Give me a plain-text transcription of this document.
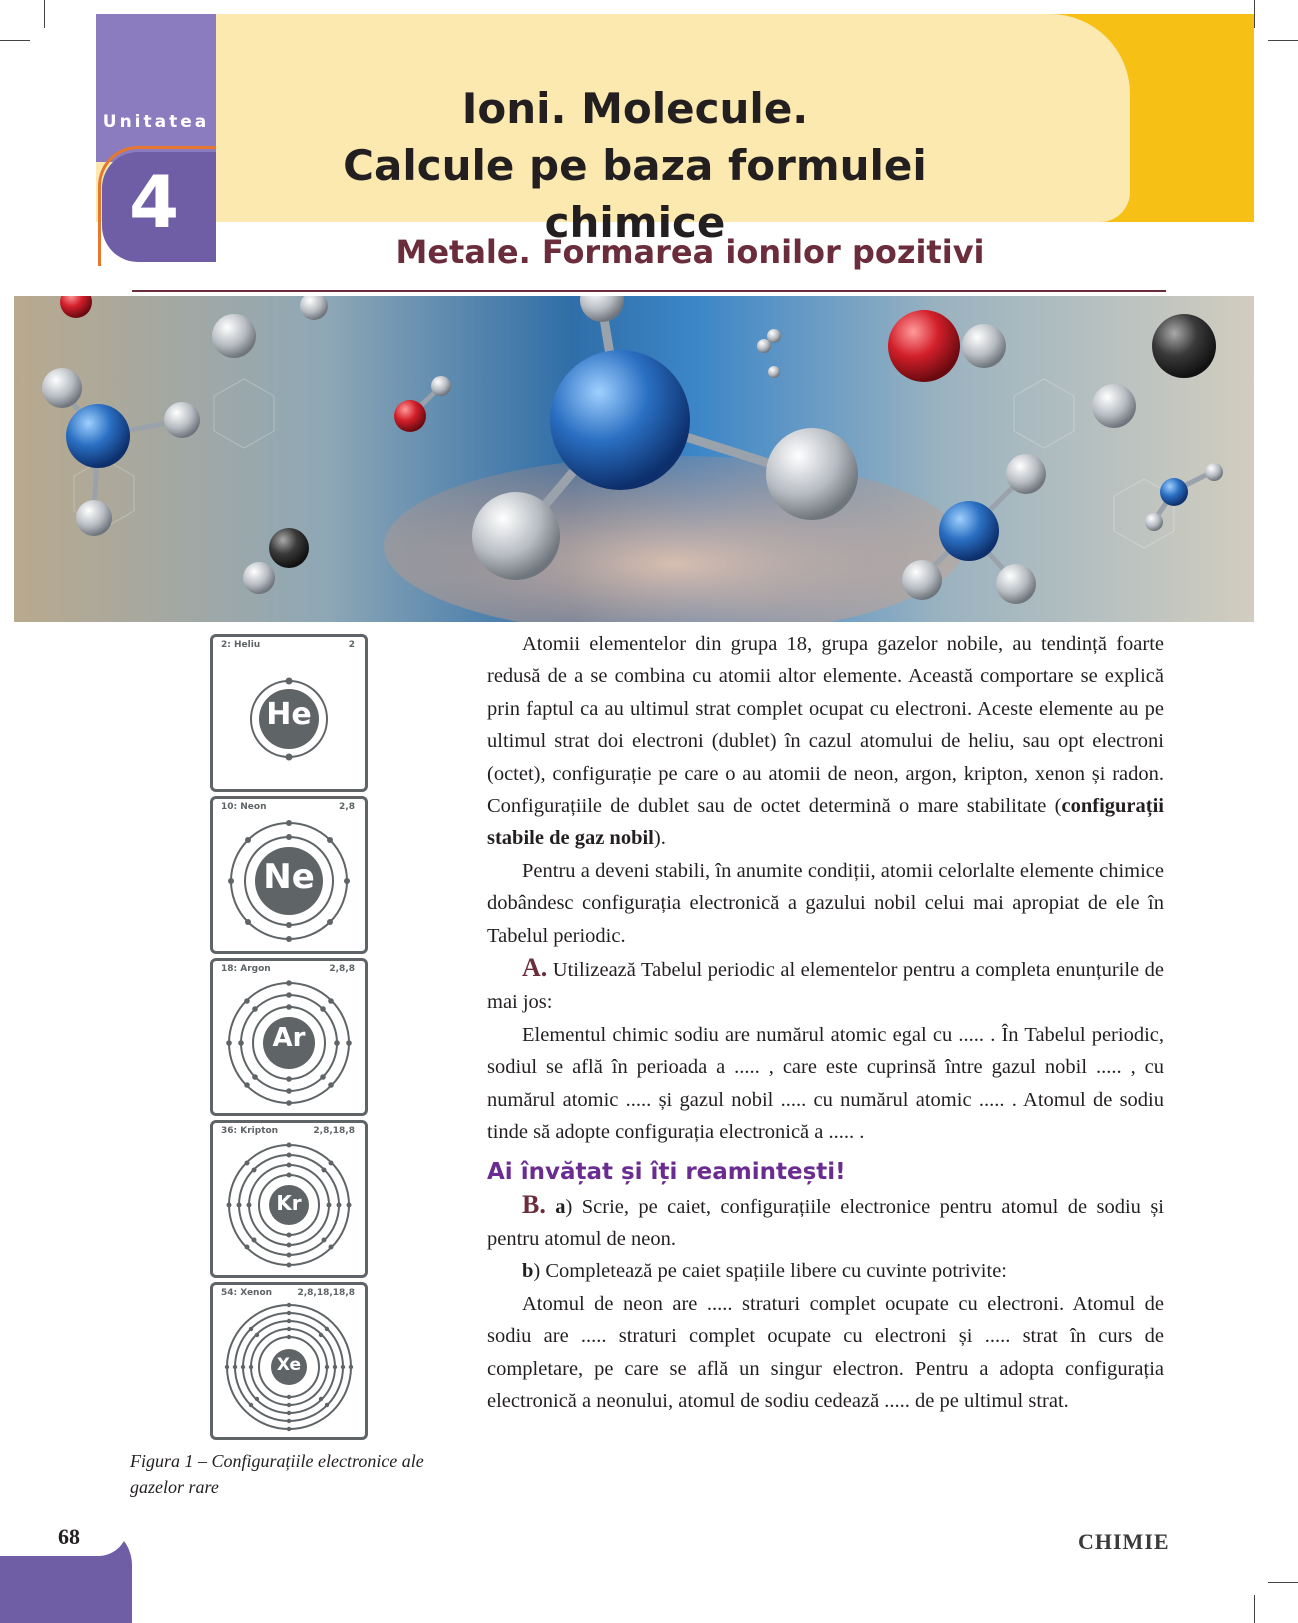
Unitatea
4
Ioni. Molecule.
Calcule pe baza formulei chimice
Metale. Formarea ionilor pozitivi
2: Heliu	2
He
10: Neon	2,8
Ne
18: Argon	2,8,8
Ar
36: Kripton	2,8,18,8
Kr
54: Xenon	2,8,18,18,8
Xe
Figura 1 – Configurațiile electronice ale gazelor rare

Atomii elementelor din grupa 18, grupa gazelor nobile, au tendință foarte redusă de a se combina cu atomii altor elemente. Această comportare se explică prin faptul ca au ultimul strat complet ocupat cu electroni. Aceste elemente au pe ultimul strat doi electroni (dublet) în cazul atomului de heliu, sau opt electroni (octet), configurație pe care o au atomii de neon, argon, kripton, xenon și radon. Configurațiile de dublet sau de octet determină o mare stabilitate (configurații stabile de gaz nobil).

Pentru a deveni stabili, în anumite condiții, atomii celorlalte elemente chimice dobândesc configurația electronică a gazului nobil celui mai apropiat de ele în Tabelul periodic.

A. Utilizează Tabelul periodic al elementelor pentru a completa enunțurile de mai jos:

Elementul chimic sodiu are numărul atomic egal cu ..... . În Tabelul periodic, sodiul se află în perioada a ..... , care este cuprinsă între gazul nobil ..... , cu numărul atomic ..... și gazul nobil ..... cu numărul atomic ..... . Atomul de sodiu tinde să adopte configurația electronică a ..... .

Ai învățat și îți reamintești!

B. a) Scrie, pe caiet, configurațiile electronice pentru atomul de sodiu și pentru atomul de neon.

b) Completează pe caiet spațiile libere cu cuvinte potrivite:

Atomul de neon are ..... straturi complet ocupate cu electroni. Atomul de sodiu are ..... straturi complet ocupate cu electroni și ..... strat în curs de completare, pe care se află un singur electron. Pentru a adopta configurația electronică a neonului, atomul de sodiu cedează ..... de pe ultimul strat.

68	CHIMIE
